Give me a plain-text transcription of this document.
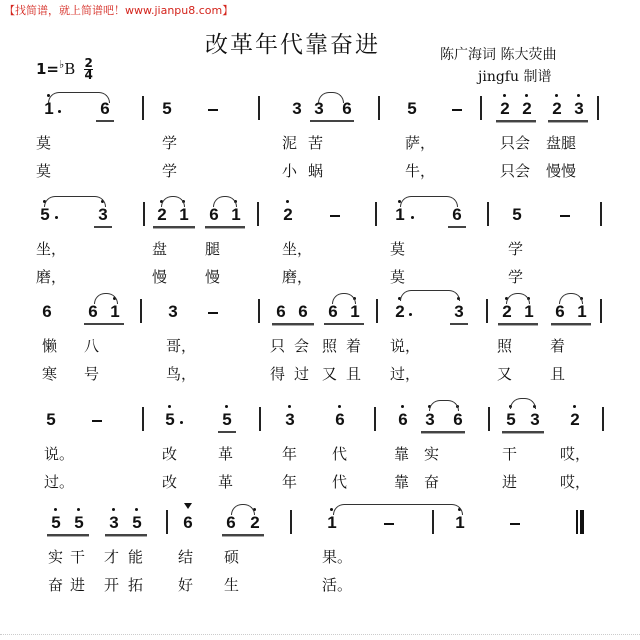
【找简谱，就上简谱吧！www.jianpu8.com】
改革年代靠奋进	陈广海词 陈大荧曲
jingfu 制谱
$1=^♭B \frac{2}{4}$
1	6	5	3 3 6	5	2 2 2 3
莫	学	泥 苦	萨，	只会 盘腿
莫	学	小 蜗	牛，	只会 慢慢
5	3	2 1 6 1	2	1	6	5
坐，	盘	腿	坐，	莫	学
磨，	慢	慢	磨，	莫	学
6 6 1	3	6 6 6 1 2	3 2 1 6 1
懒 八	哥，	只 会 照 着 说，	照	着
寒 号	鸟，	得 过 又 且 过，	又	且
5	5	5	3 6	6 3 6	5 3 2
说。	改	革	年 代	靠 实	干	哎，
过。	改	革	年 代	靠 奋	进	哎，
5 5 3 5 6 6 2	1	1
实 干 才 能 结 硕	果。
奋 进 开 拓 好 生	活。
